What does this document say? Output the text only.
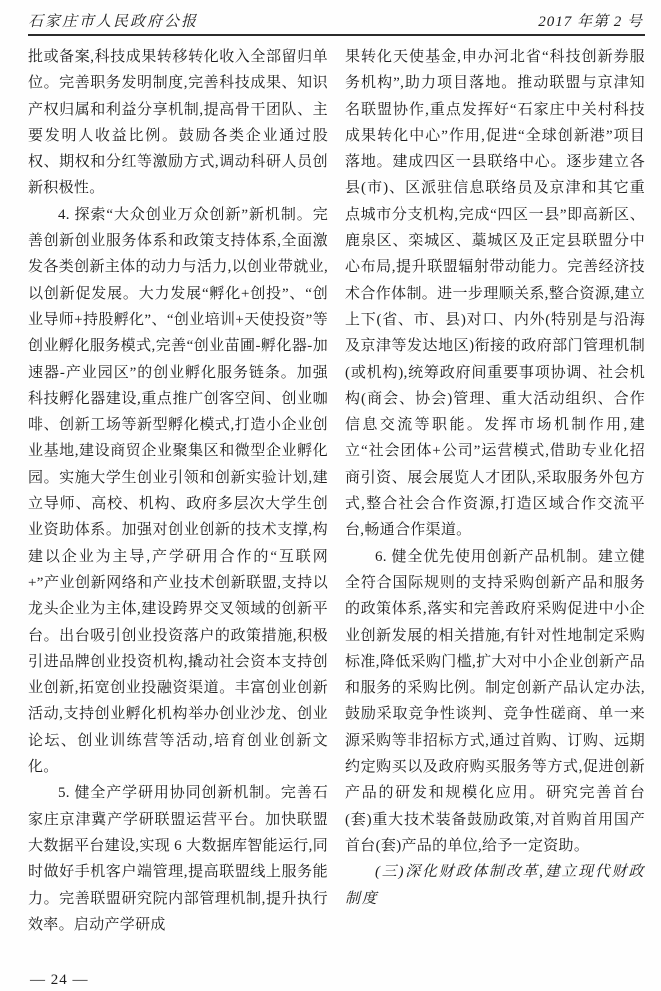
石家庄市人民政府公报	2017 年第 2 号

批或备案,科技成果转移转化收入全部留归单位。完善职务发明制度,完善科技成果、知识产权归属和利益分享机制,提高骨干团队、主要发明人收益比例。鼓励各类企业通过股权、期权和分红等激励方式,调动科研人员创新积极性。

4. 探索“大众创业万众创新”新机制。完善创新创业服务体系和政策支持体系,全面激发各类创新主体的动力与活力,以创业带就业,以创新促发展。大力发展“孵化+创投”、“创业导师+持股孵化”、“创业培训+天使投资”等创业孵化服务模式,完善“创业苗圃-孵化器-加速器-产业园区”的创业孵化服务链条。加强科技孵化器建设,重点推广创客空间、创业咖啡、创新工场等新型孵化模式,打造小企业创业基地,建设商贸企业聚集区和微型企业孵化园。实施大学生创业引领和创新实验计划,建立导师、高校、机构、政府多层次大学生创业资助体系。加强对创业创新的技术支撑,构建以企业为主导,产学研用合作的“互联网+”产业创新网络和产业技术创新联盟,支持以龙头企业为主体,建设跨界交叉领域的创新平台。出台吸引创业投资落户的政策措施,积极引进品牌创业投资机构,撬动社会资本支持创业创新,拓宽创业投融资渠道。丰富创业创新活动,支持创业孵化机构举办创业沙龙、创业论坛、创业训练营等活动,培育创业创新文化。

5. 健全产学研用协同创新机制。完善石家庄京津冀产学研联盟运营平台。加快联盟大数据平台建设,实现 6 大数据库智能运行,同时做好手机客户端管理,提高联盟线上服务能力。完善联盟研究院内部管理机制,提升执行效率。启动产学研成

果转化天使基金,申办河北省“科技创新券服务机构”,助力项目落地。推动联盟与京津知名联盟协作,重点发挥好“石家庄中关村科技成果转化中心”作用,促进“全球创新港”项目落地。建成四区一县联络中心。逐步建立各县(市)、区派驻信息联络员及京津和其它重点城市分支机构,完成“四区一县”即高新区、鹿泉区、栾城区、藁城区及正定县联盟分中心布局,提升联盟辐射带动能力。完善经济技术合作体制。进一步理顺关系,整合资源,建立上下(省、市、县)对口、内外(特别是与沿海及京津等发达地区)衔接的政府部门管理机制(或机构),统筹政府间重要事项协调、社会机构(商会、协会)管理、重大活动组织、合作信息交流等职能。发挥市场机制作用,建立“社会团体+公司”运营模式,借助专业化招商引资、展会展览人才团队,采取服务外包方式,整合社会合作资源,打造区域合作交流平台,畅通合作渠道。

6. 健全优先使用创新产品机制。建立健全符合国际规则的支持采购创新产品和服务的政策体系,落实和完善政府采购促进中小企业创新发展的相关措施,有针对性地制定采购标准,降低采购门槛,扩大对中小企业创新产品和服务的采购比例。制定创新产品认定办法,鼓励采取竞争性谈判、竞争性磋商、单一来源采购等非招标方式,通过首购、订购、远期约定购买以及政府购买服务等方式,促进创新产品的研发和规模化应用。研究完善首台(套)重大技术装备鼓励政策,对首购首用国产首台(套)产品的单位,给予一定资助。

(三)深化财政体制改革,建立现代财政制度

— 24 —
